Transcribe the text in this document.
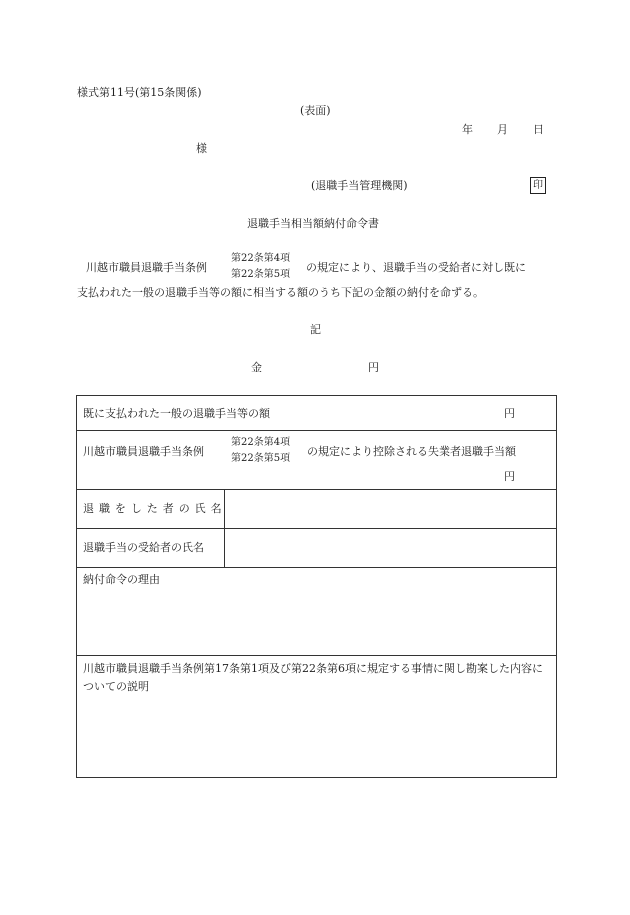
様式第11号(第15条関係)
(表面)
年 月 日
様
(退職手当管理機関)	印
退職手当相当額納付命令書
川越市職員退職手当条例
第22条第4項
第22条第5項
の規定により、退職手当の受給者に対し既に
支払われた一般の退職手当等の額に相当する額のうち下記の金額の納付を命ずる。
記
金	円
既に支払われた一般の退職手当等の額 円	

川越市職員退職手当条例
第22条第4項
第22条第5項
の規定により控除される失業者退職手当額
円	

退職をした者の氏名	

退職手当の受給者の氏名	

納付命令の理由	

川越市職員退職手当条例第17条第1項及び第22条第6項に規定する事情に関し勘案した内容についての説明	
